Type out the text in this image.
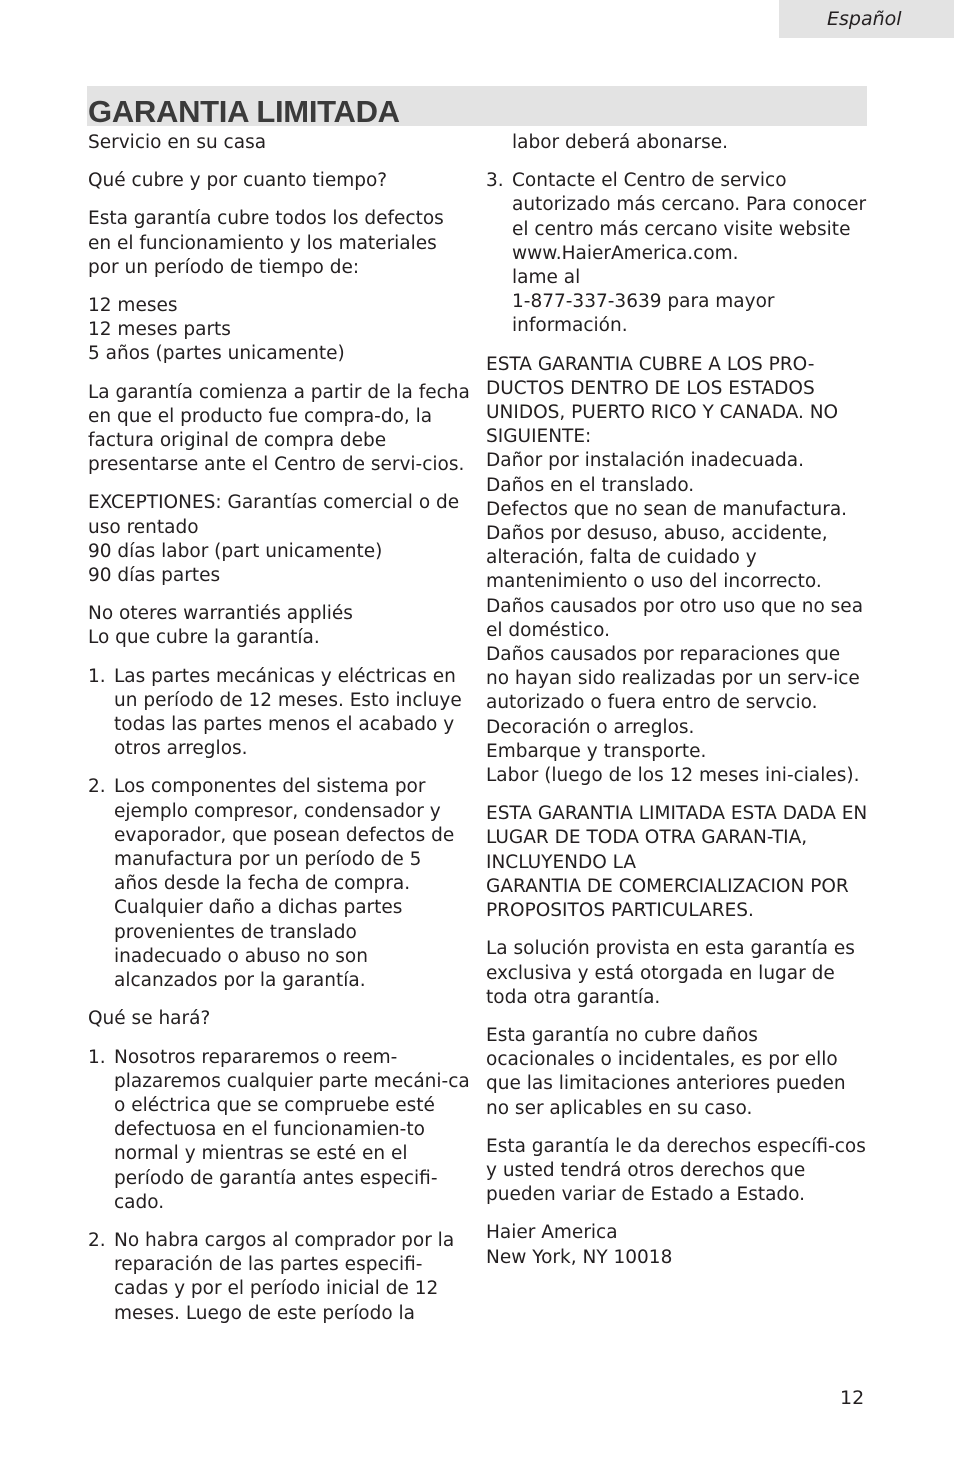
Español
GARANTIA LIMITADA

Servicio en su casa

Qué cubre y por cuanto tiempo?

Esta garantía cubre todos los defectos en el funcionamiento y los materiales por un período de tiempo de:

12 meses
12 meses parts
5 años (partes unicamente)

La garantía comienza a partir de la fecha en que el producto fue compra-do, la factura original de compra debe presentarse ante el Centro de servi-cios.

EXCEPTIONES: Garantías comercial o de uso rentado
90 días labor (part unicamente)
90 días partes

No oteres warrantiés appliés
Lo que cubre la garantía.

1. Las partes mecánicas y eléctricas en un período de 12 meses. Esto incluye todas las partes menos el acabado y otros arreglos.
2. Los componentes del sistema por ejemplo compresor, condensador y evaporador, que posean defectos de manufactura por un período de 5 años desde la fecha de compra. Cualquier daño a dichas partes provenientes de translado inadecuado o abuso no son alcanzados por la garantía.

Qué se hará?

1. Nosotros repararemos o reem-plazaremos cualquier parte mecáni-ca o eléctrica que se compruebe esté defectuosa en el funcionamien-to
normal y mientras se esté en el período de garantía antes especifi-cado.
2. No habra cargos al comprador por la reparación de las partes especifi-cadas y por el período inicial de 12 meses. Luego de este período la

labor deberá abonarse.

3. Contacte el Centro de servico autorizado más cercano. Para conocer el centro más cercano visite website www.HaierAmerica.com.
lame al
1-877-337-3639 para mayor información.

ESTA GARANTIA CUBRE A LOS PRO-DUCTOS DENTRO DE LOS ESTADOS UNIDOS, PUERTO RICO Y CANADA. NO SIGUIENTE:
Dañor por instalación inadecuada.
Daños en el translado.
Defectos que no sean de manufactura.
Daños por desuso, abuso, accidente, alteración, falta de cuidado y mantenimiento o uso del incorrecto.
Daños causados por otro uso que no sea el doméstico.
Daños causados por reparaciones que no hayan sido realizadas por un serv-ice
autorizado o fuera entro de servcio.
Decoración o arreglos.
Embarque y transporte.
Labor (luego de los 12 meses ini-ciales).

ESTA GARANTIA LIMITADA ESTA DADA EN LUGAR DE TODA OTRA GARAN-TIA, INCLUYENDO LA
GARANTIA DE COMERCIALIZACION POR PROPOSITOS PARTICULARES.

La solución provista en esta garantía es exclusiva y está otorgada en lugar de toda otra garantía.

Esta garantía no cubre daños ocacionales o incidentales, es por ello que las limitaciones anteriores pueden no ser aplicables en su caso.

Esta garantía le da derechos específi-cos y usted tendrá otros derechos que pueden variar de Estado a Estado.

Haier America
New York, NY 10018

12
